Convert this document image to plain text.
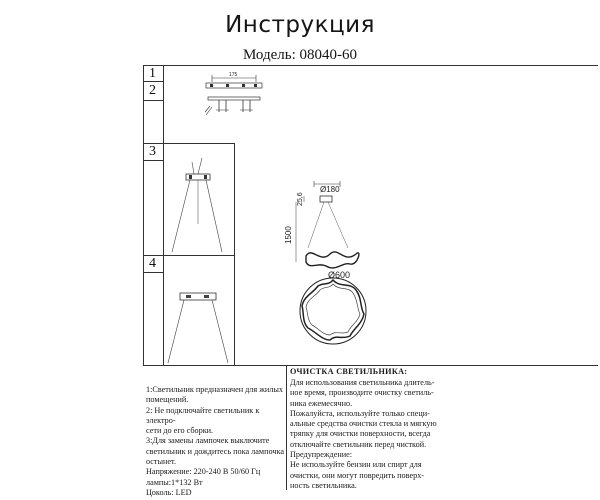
Инструкция
Модель: 08040-60
1
2
3
4
175
Ø180
25,6
1500
Ø600
1:Светильник предназначен для жилых
помещений.
2: Не подключайте светильник к электро-
сети до его сборки.
3:Для замены лампочек выключите
светильник и дождитесь пока лампочка
остынет.
Напряжение: 220-240 В 50/60 Гц
лампы:1*132 Вт
Цоколь: LED
ОЧИСТКА СВЕТИЛЬНИКА:
Для использования светильника длитель-
ное время, производите очистку светиль-
ника ежемесячно.
Пожалуйста, используйте только специ-
альные средства очистки стекла и мягкую
тряпку для очистки поверхности, всегда
отключайте светильник перед чисткой.
Предупреждение:
Не используйте бензин или спирт для
очистки, они могут повредить поверх-
ность светильника.
